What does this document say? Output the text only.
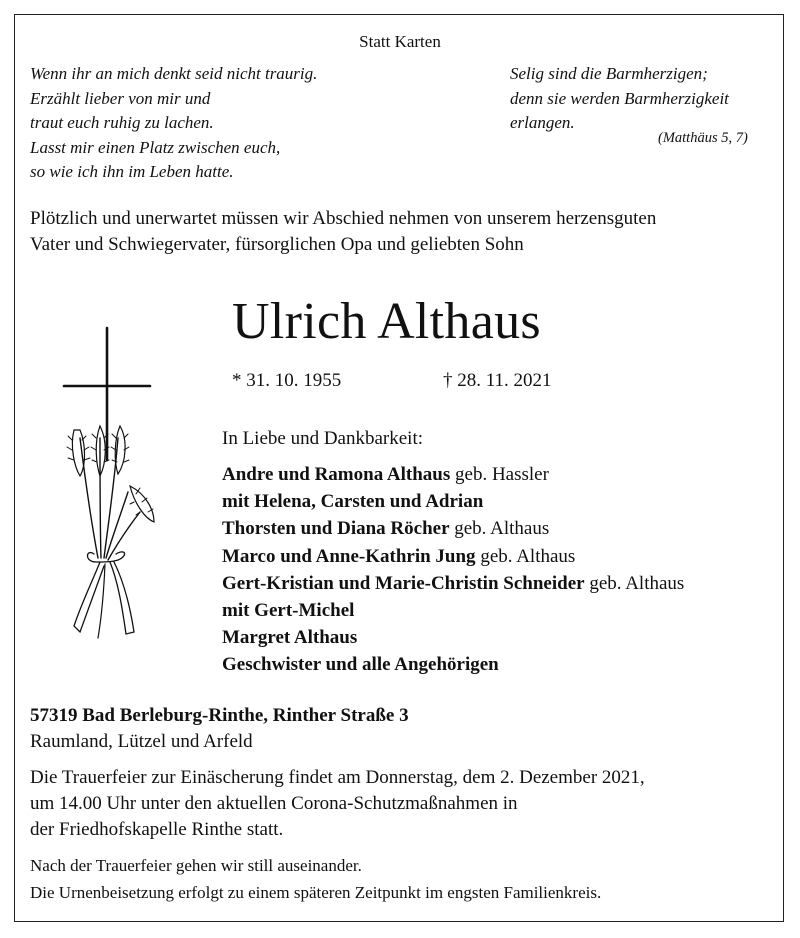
Statt Karten
Wenn ihr an mich denkt seid nicht traurig.
Erzählt lieber von mir und
traut euch ruhig zu lachen.
Lasst mir einen Platz zwischen euch,
so wie ich ihn im Leben hatte.
Selig sind die Barmherzigen;
denn sie werden Barmherzigkeit
erlangen.
(Matthäus 5, 7)
Plötzlich und unerwartet müssen wir Abschied nehmen von unserem herzensguten
Vater und Schwiegervater, fürsorglichen Opa und geliebten Sohn
Ulrich Althaus
* 31. 10. 1955	† 28. 11. 2021
In Liebe und Dankbarkeit:
Andre und Ramona Althaus geb. Hassler
mit Helena, Carsten und Adrian
Thorsten und Diana Röcher geb. Althaus
Marco und Anne-Kathrin Jung geb. Althaus
Gert-Kristian und Marie-Christin Schneider geb. Althaus
mit Gert-Michel
Margret Althaus
Geschwister und alle Angehörigen
57319 Bad Berleburg-Rinthe, Rinther Straße 3
Raumland, Lützel und Arfeld
Die Trauerfeier zur Einäscherung findet am Donnerstag, dem 2. Dezember 2021,
um 14.00 Uhr unter den aktuellen Corona-Schutzmaßnahmen in
der Friedhofskapelle Rinthe statt.
Nach der Trauerfeier gehen wir still auseinander.
Die Urnenbeisetzung erfolgt zu einem späteren Zeitpunkt im engsten Familienkreis.
